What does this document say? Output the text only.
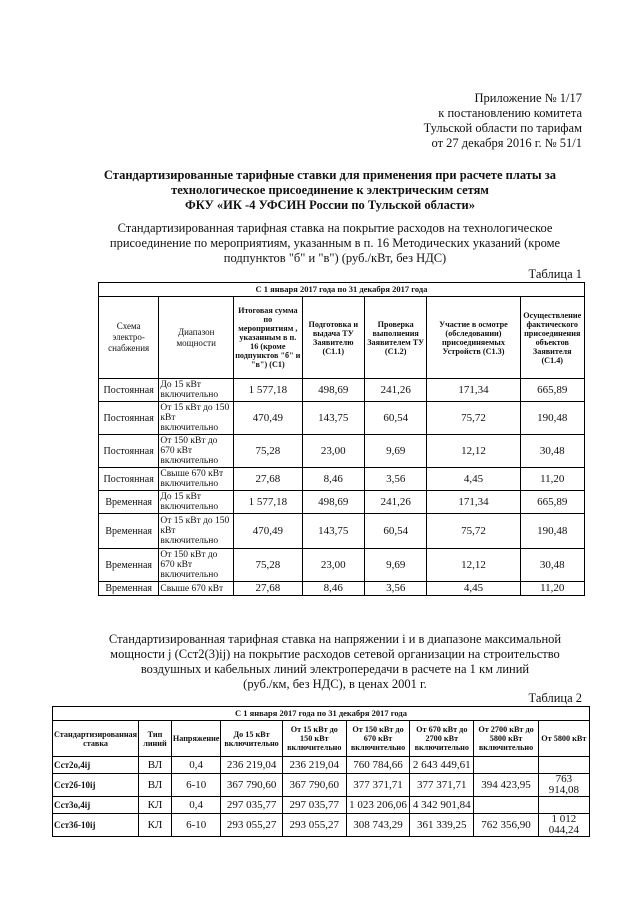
Приложение № 1/17
к постановлению комитета
Тульской области по тарифам
от 27 декабря 2016 г. № 51/1
Стандартизированные тарифные ставки для применения при расчете платы за
технологическое присоединение к электрическим сетям
ФКУ «ИК -4 УФСИН России по Тульской области»
Стандартизированная тарифная ставка на покрытие расходов на технологическое
присоединение по мероприятиям, указанным в п. 16 Методических указаний (кроме
подпунктов "б" и "в") (руб./кВт, без НДС)
Таблица 1
С 1 января 2017 года по 31 декабря 2017 года						
Схема электро-снабжения	Диапазон мощности	Итоговая сумма по мероприятиям , указанным в п. 16 (кроме подпунктов "б" и "в") (С1)	Подготовка и выдача ТУ Заявителю (С1.1)	Проверка выполнения Заявителем ТУ (С1.2)	Участие в осмотре (обследовании) присоединяемых Устройств (С1.3)	Осуществление фактического присоединения объектов Заявителя (С1.4)
Постоянная	До 15 кВт включительно	1 577,18	498,69	241,26	171,34	665,89
Постоянная	От 15 кВт до 150 кВт включительно	470,49	143,75	60,54	75,72	190,48
Постоянная	От 150 кВт до 670 кВт включительно	75,28	23,00	9,69	12,12	30,48
Постоянная	Свыше 670 кВт включительно	27,68	8,46	3,56	4,45	11,20
Временная	До 15 кВт включительно	1 577,18	498,69	241,26	171,34	665,89
Временная	От 15 кВт до 150 кВт включительно	470,49	143,75	60,54	75,72	190,48
Временная	От 150 кВт до 670 кВт включительно	75,28	23,00	9,69	12,12	30,48
Временная	Свыше 670 кВт	27,68	8,46	3,56	4,45	11,20
Стандартизированная тарифная ставка на напряжении i и в диапазоне максимальной
мощности j (Сст2(3)ij) на покрытие расходов сетевой организации на строительство
воздушных и кабельных линий электропередачи в расчете на 1 км линий
(руб./км, без НДС), в ценах 2001 г.
Таблица 2
С 1 января 2017 года по 31 декабря 2017 года								
Стандартизированная ставка	Тип линий	Напряжение	До 15 кВт включительно	От 15 кВт до 150 кВт включительно	От 150 кВт до 670 кВт включительно	От 670 кВт до 2700 кВт включительно	От 2700 кВт до 5800 кВт включительно	От 5800 кВт
Сст2o,4ij	ВЛ	0,4	236 219,04	236 219,04	760 784,66	2 643 449,61		
Сст2б-10ij	ВЛ	6-10	367 790,60	367 790,60	377 371,71	377 371,71	394 423,95	763 914,08
Сст3o,4ij	КЛ	0,4	297 035,77	297 035,77	1 023 206,06	4 342 901,84		
Сст3б-10ij	КЛ	6-10	293 055,27	293 055,27	308 743,29	361 339,25	762 356,90	1 012 044,24
